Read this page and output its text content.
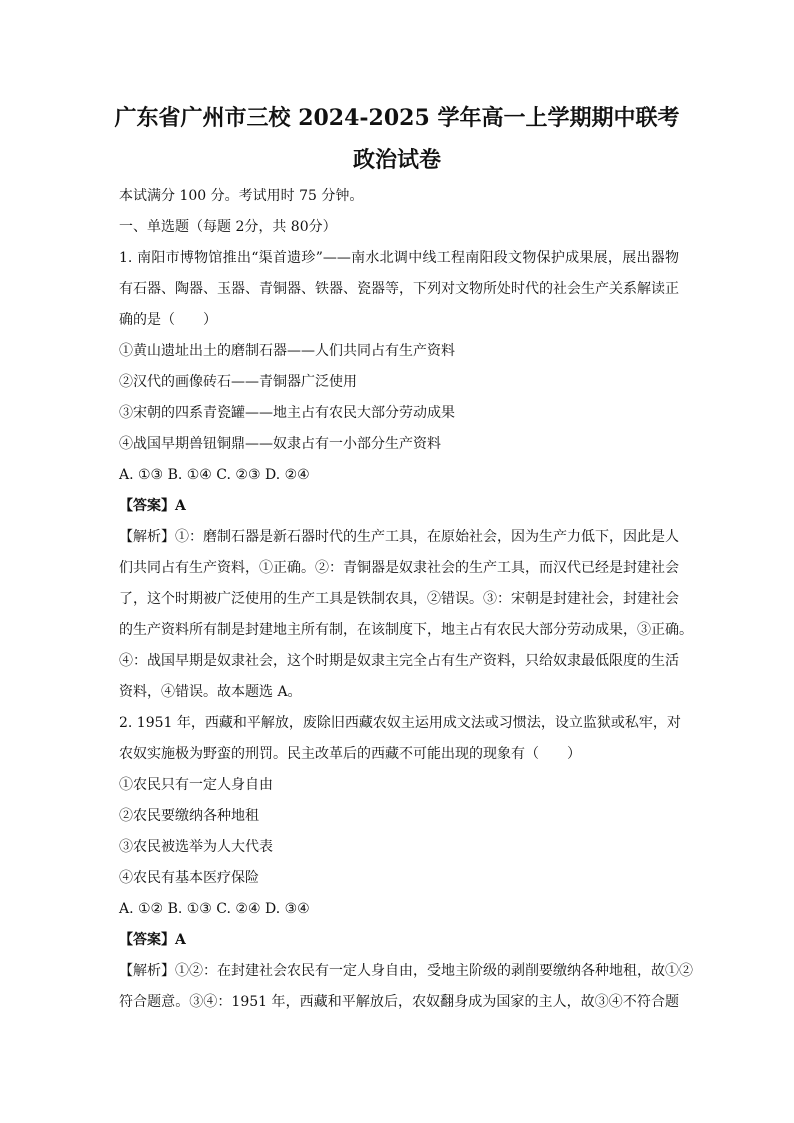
广东省广州市三校 2024-2025 学年高一上学期期中联考
政治试卷
本试满分 100 分。考试用时 75 分钟。
一、单选题（每题 2分，共 80分）
1. 南阳市博物馆推出“渠首遗珍”——南水北调中线工程南阳段文物保护成果展，展出器物
有石器、陶器、玉器、青铜器、铁器、瓷器等，下列对文物所处时代的社会生产关系解读正
确的是（　　）
①黄山遗址出土的磨制石器——人们共同占有生产资料
②汉代的画像砖石——青铜器广泛使用
③宋朝的四系青瓷罐——地主占有农民大部分劳动成果
④战国早期兽钮铜鼎——奴隶占有一小部分生产资料
A. ①③ B. ①④ C. ②③ D. ②④
【答案】A
【解析】①：磨制石器是新石器时代的生产工具，在原始社会，因为生产力低下，因此是人
们共同占有生产资料，①正确。②：青铜器是奴隶社会的生产工具，而汉代已经是封建社会
了，这个时期被广泛使用的生产工具是铁制农具，②错误。③：宋朝是封建社会，封建社会
的生产资料所有制是封建地主所有制，在该制度下，地主占有农民大部分劳动成果，③正确。
④：战国早期是奴隶社会，这个时期是奴隶主完全占有生产资料，只给奴隶最低限度的生活
资料，④错误。故本题选 A。
2. 1951 年，西藏和平解放，废除旧西藏农奴主运用成文法或习惯法，设立监狱或私牢，对
农奴实施极为野蛮的刑罚。民主改革后的西藏不可能出现的现象有（　　）
①农民只有一定人身自由
②农民要缴纳各种地租
③农民被选举为人大代表
④农民有基本医疗保险
A. ①② B. ①③ C. ②④ D. ③④
【答案】A
【解析】①②：在封建社会农民有一定人身自由，受地主阶级的剥削要缴纳各种地租，故①②
符合题意。③④：1951 年，西藏和平解放后，农奴翻身成为国家的主人，故③④不符合题
